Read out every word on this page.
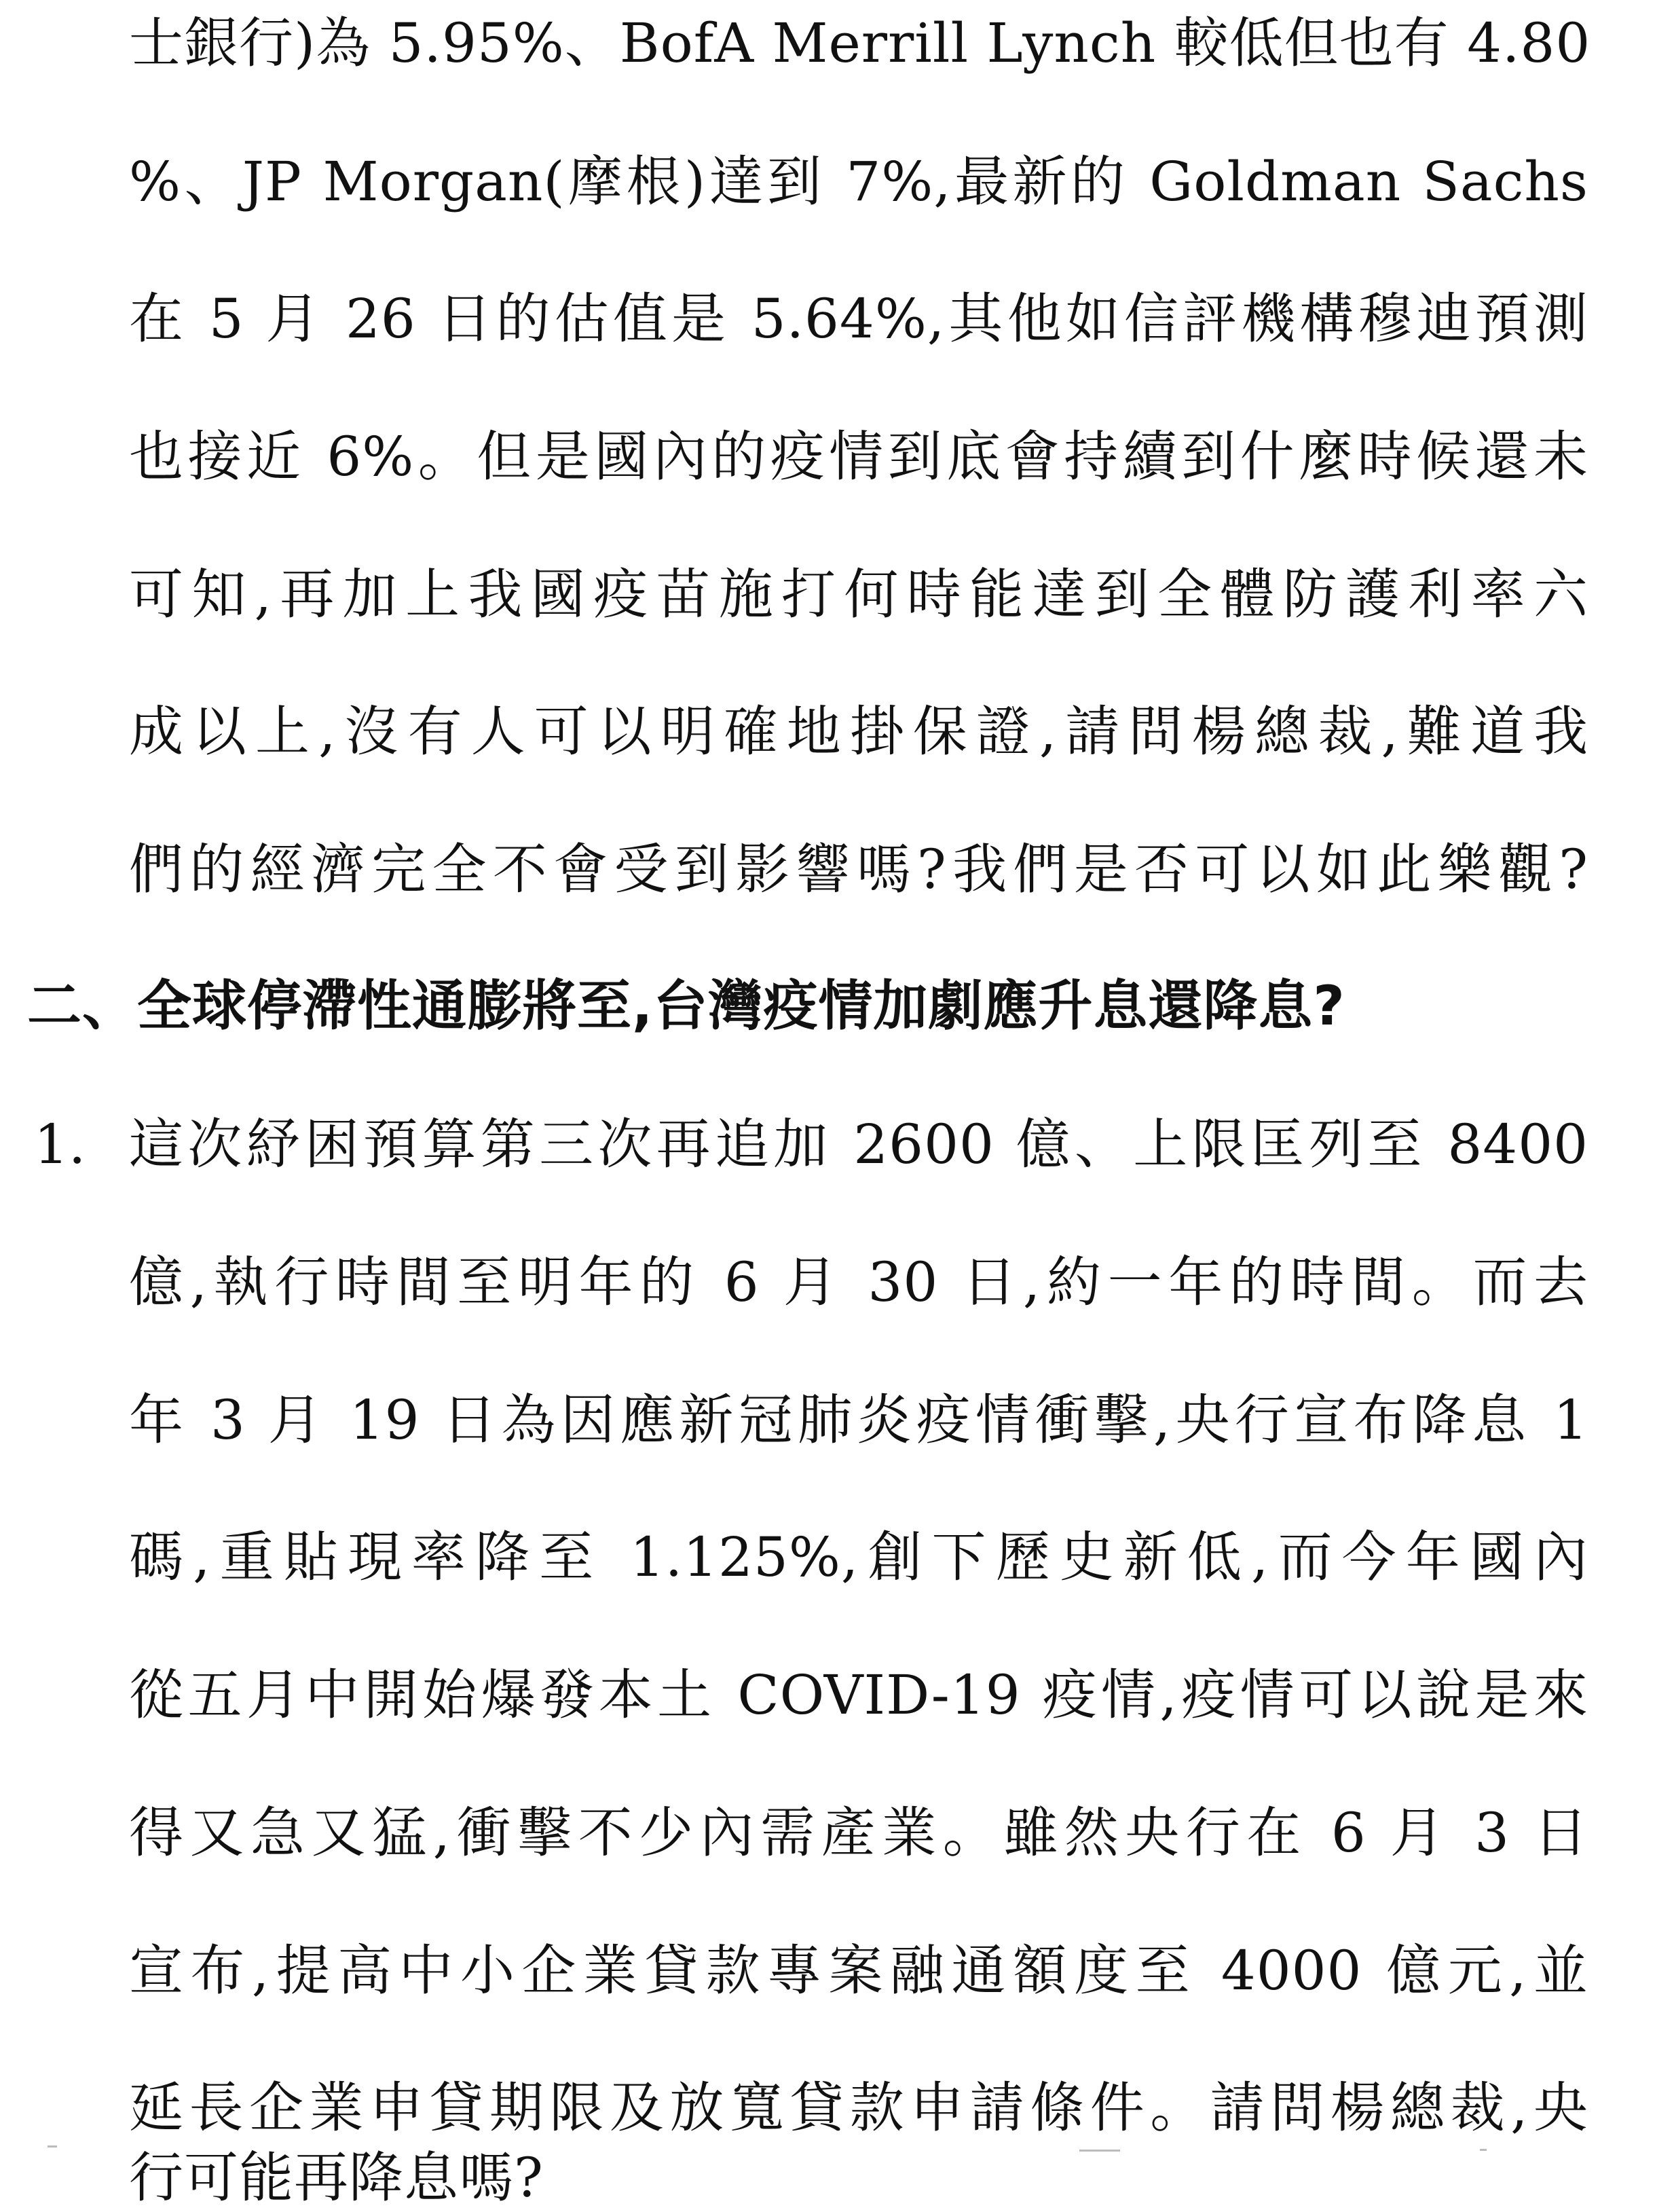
士銀行)為 5.95%、BofA Merrill Lynch 較低但也有 4.80

%、JP Morgan(摩根)達到 7%,最新的 Goldman Sachs

在 5 月 26 日的估值是 5.64%,其他如信評機構穆迪預測

也接近 6%。但是國內的疫情到底會持續到什麼時候還未

可知,再加上我國疫苗施打何時能達到全體防護利率六

成以上,沒有人可以明確地掛保證,請問楊總裁,難道我

們的經濟完全不會受到影響嗎?我們是否可以如此樂觀?

二、全球停滯性通膨將至,台灣疫情加劇應升息還降息?

1. 這次紓困預算第三次再追加 2600 億、上限匡列至 8400

億,執行時間至明年的 6 月 30 日,約一年的時間。而去

年 3 月 19 日為因應新冠肺炎疫情衝擊,央行宣布降息 1

碼,重貼現率降至 1.125%,創下歷史新低,而今年國內

從五月中開始爆發本土 COVID-19 疫情,疫情可以說是來

得又急又猛,衝擊不少內需產業。雖然央行在 6 月 3 日

宣布,提高中小企業貸款專案融通額度至 4000 億元,並

延長企業申貸期限及放寬貸款申請條件。請問楊總裁,央

行可能再降息嗎?
